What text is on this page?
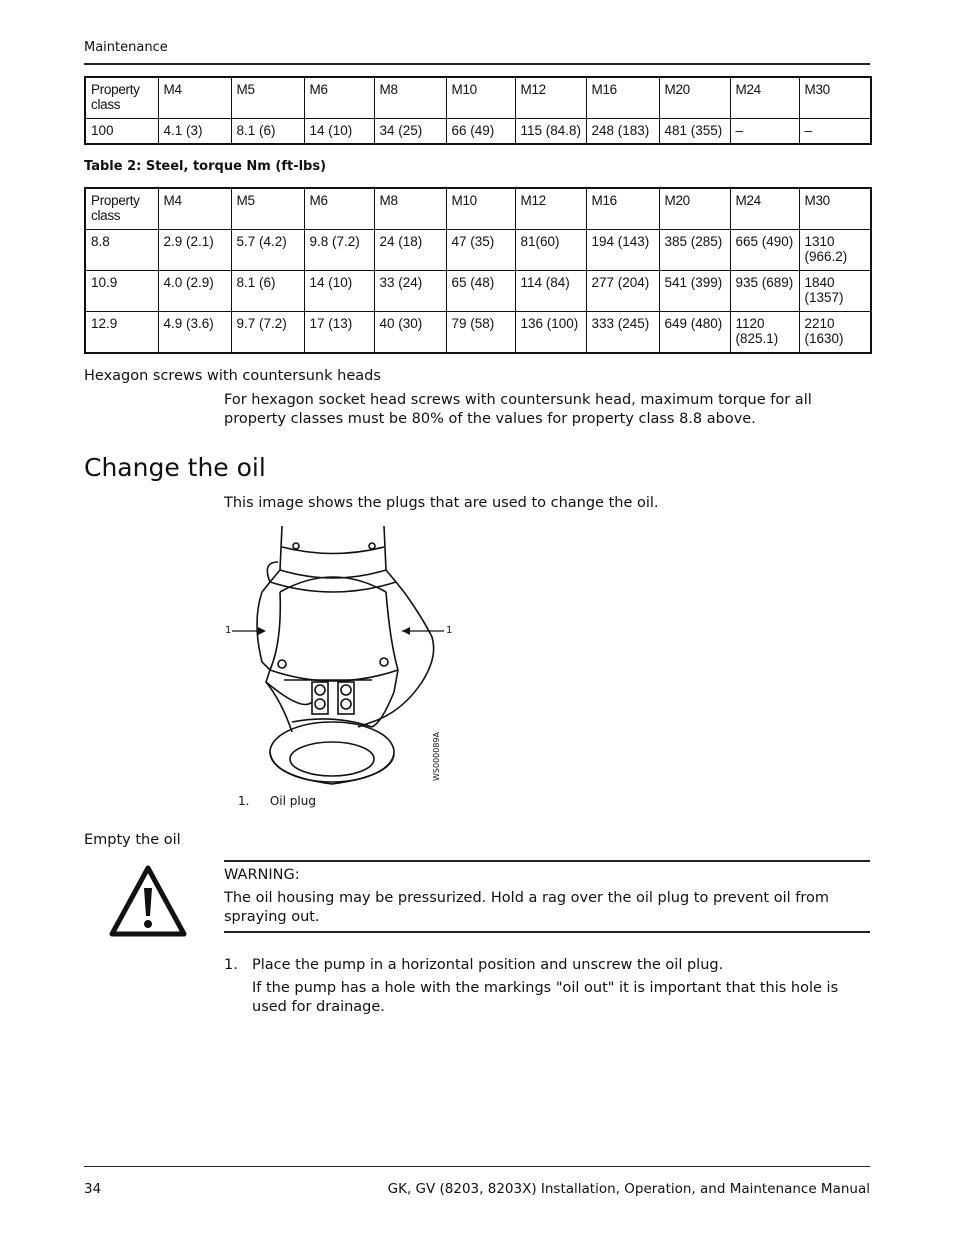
Maintenance
Property class	M4	M5	M6	M8	M10	M12	M16	M20	M24	M30
100	4.1 (3)	8.1 (6)	14 (10)	34 (25)	66 (49)	115 (84.8)	248 (183)	481 (355)	–	–
Table 2: Steel, torque Nm (ft-lbs)
Property class	M4	M5	M6	M8	M10	M12	M16	M20	M24	M30
8.8	2.9 (2.1)	5.7 (4.2)	9.8 (7.2)	24 (18)	47 (35)	81(60)	194 (143)	385 (285)	665 (490)	1310 (966.2)
10.9	4.0 (2.9)	8.1 (6)	14 (10)	33 (24)	65 (48)	114 (84)	277 (204)	541 (399)	935 (689)	1840 (1357)
12.9	4.9 (3.6)	9.7 (7.2)	17 (13)	40 (30)	79 (58)	136 (100)	333 (245)	649 (480)	1120 (825.1)	2210 (1630)
Hexagon screws with countersunk heads
For hexagon socket head screws with countersunk head, maximum torque for all property classes must be 80% of the values for property class 8.8 above.
Change the oil
This image shows the plugs that are used to change the oil.
1	1
WS000089A
1. Oil plug
Empty the oil
WARNING:
The oil housing may be pressurized. Hold a rag over the oil plug to prevent oil from spraying out.
1. Place the pump in a horizontal position and unscrew the oil plug.
If the pump has a hole with the markings "oil out" it is important that this hole is used for drainage.
34	GK, GV (8203, 8203X) Installation, Operation, and Maintenance Manual
